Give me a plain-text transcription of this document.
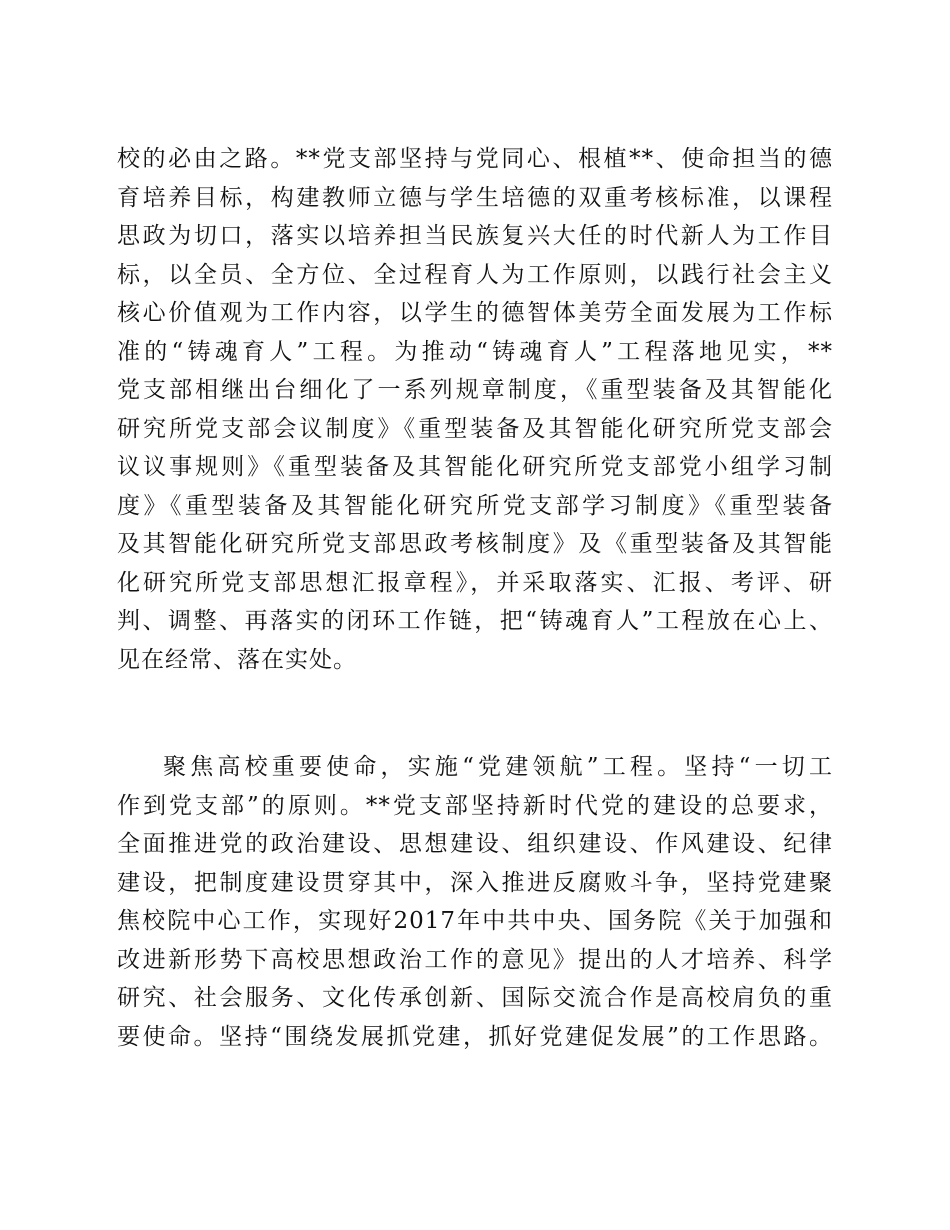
校的必由之路。**党支部坚持与党同心、根植**、使命担当的德
育培养目标，构建教师立德与学生培德的双重考核标准，以课程
思政为切口，落实以培养担当民族复兴大任的时代新人为工作目
标，以全员、全方位、全过程育人为工作原则，以践行社会主义
核心价值观为工作内容，以学生的德智体美劳全面发展为工作标
准的“铸魂育人”工程。为推动“铸魂育人”工程落地见实，**
党支部相继出台细化了一系列规章制度，《重型装备及其智能化
研究所党支部会议制度》《重型装备及其智能化研究所党支部会
议议事规则》《重型装备及其智能化研究所党支部党小组学习制
度》《重型装备及其智能化研究所党支部学习制度》《重型装备
及其智能化研究所党支部思政考核制度》及《重型装备及其智能
化研究所党支部思想汇报章程》，并采取落实、汇报、考评、研
判、调整、再落实的闭环工作链，把“铸魂育人”工程放在心上、
见在经常、落在实处。
聚焦高校重要使命，实施“党建领航”工程。坚持“一切工
作到党支部”的原则。**党支部坚持新时代党的建设的总要求，
全面推进党的政治建设、思想建设、组织建设、作风建设、纪律
建设，把制度建设贯穿其中，深入推进反腐败斗争，坚持党建聚
焦校院中心工作，实现好2017年中共中央、国务院《关于加强和
改进新形势下高校思想政治工作的意见》提出的人才培养、科学
研究、社会服务、文化传承创新、国际交流合作是高校肩负的重
要使命。坚持“围绕发展抓党建，抓好党建促发展”的工作思路。
